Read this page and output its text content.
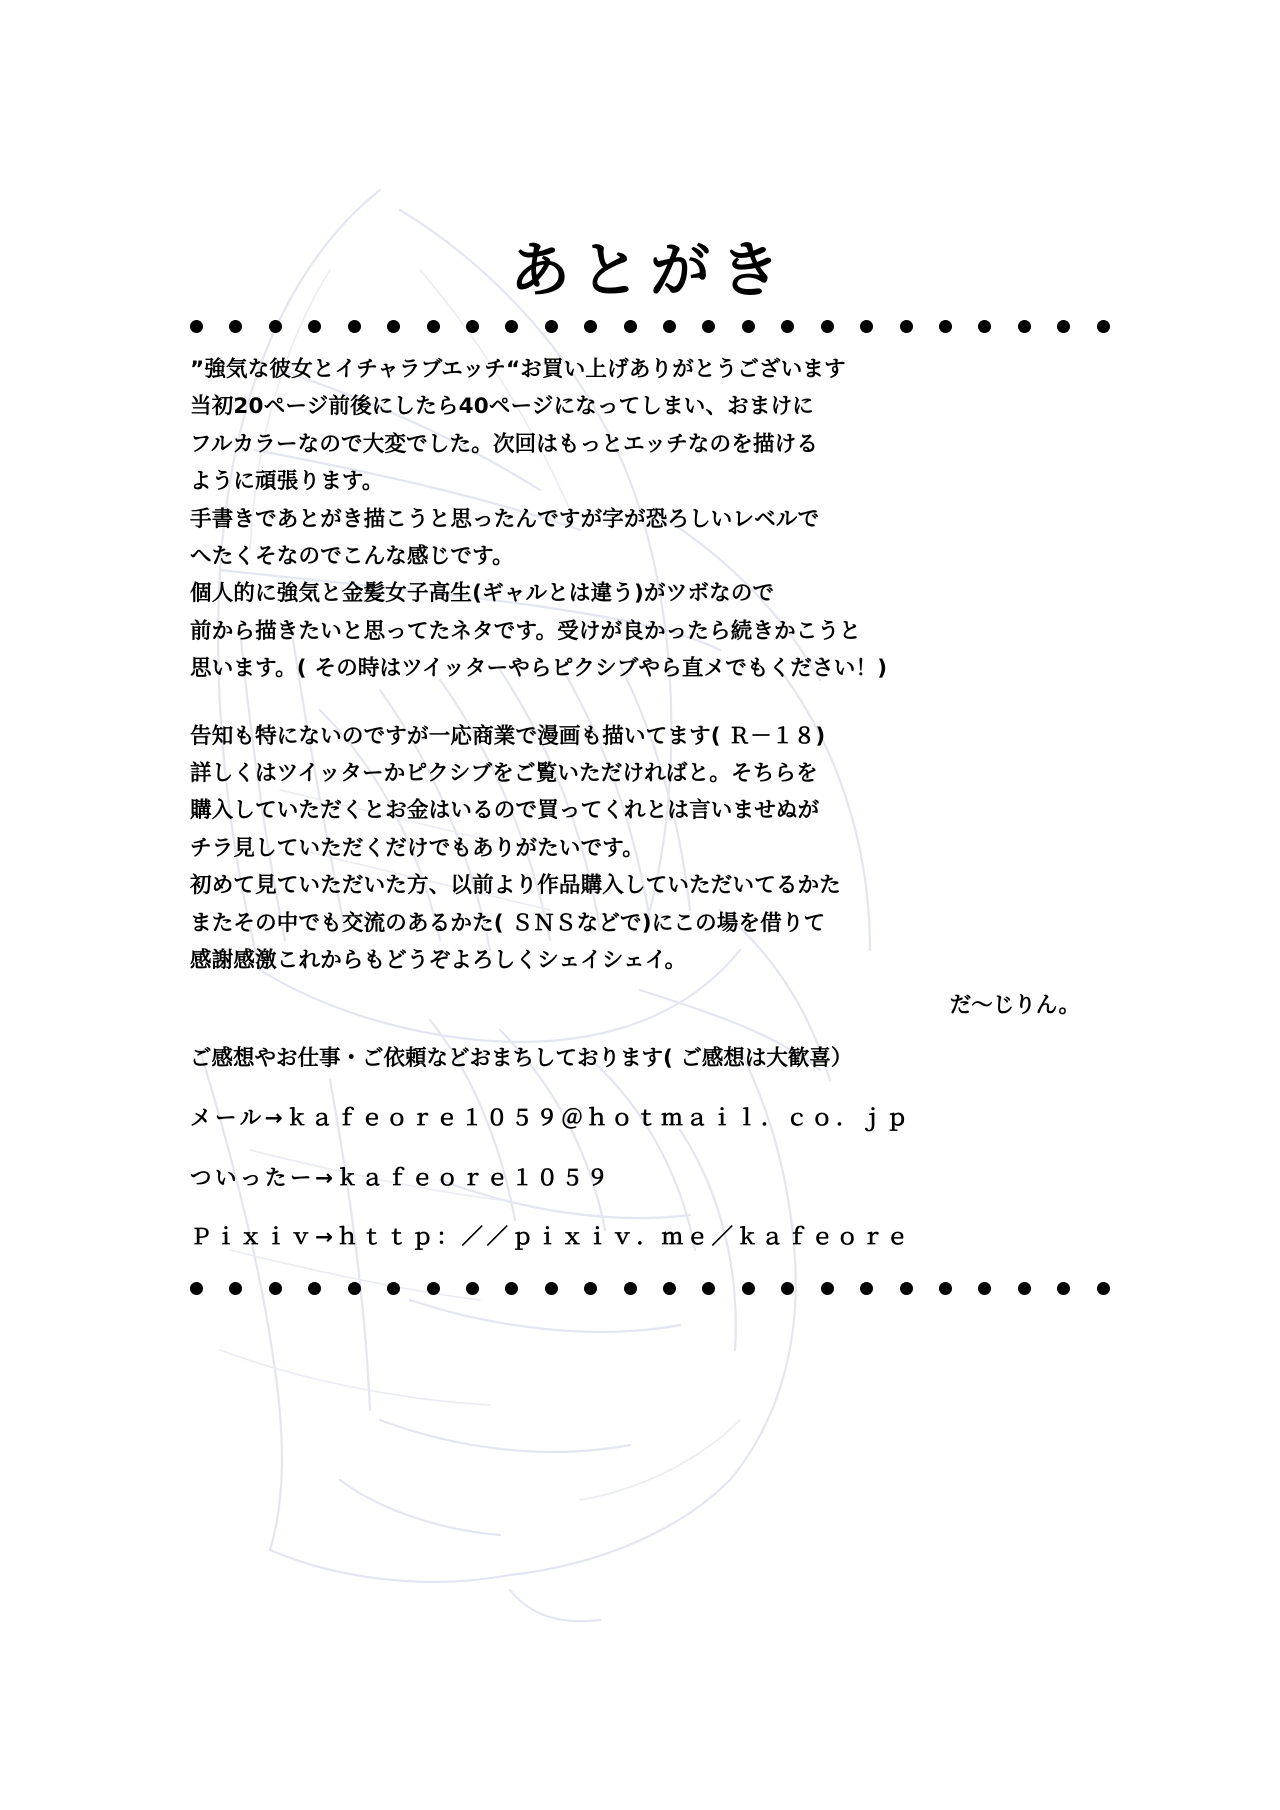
あとがき

”強気な彼女とイチャラブエッチ“お買い上げありがとうございます

当初20ページ前後にしたら40ページになってしまい、おまけに

フルカラーなので大変でした。次回はもっとエッチなのを描ける

ように頑張ります。

手書きであとがき描こうと思ったんですが字が恐ろしいレベルで

へたくそなのでこんな感じです。

個人的に強気と金髪女子高生(ギャルとは違う)がツボなので

前から描きたいと思ってたネタです。受けが良かったら続きかこうと

思います。( その時はツイッターやらピクシブやら直メでもください！)

告知も特にないのですが一応商業で漫画も描いてます( Ｒ－１８)

詳しくはツイッターかピクシブをご覧いただければと。そちらを

購入していただくとお金はいるので買ってくれとは言いませぬが

チラ見していただくだけでもありがたいです。

初めて見ていただいた方、以前より作品購入していただいてるかた

またその中でも交流のあるかた( ＳＮＳなどで)にこの場を借りて

感謝感激これからもどうぞよろしくシェイシェイ。

だ〜じりん。

ご感想やお仕事・ご依頼などおまちしております( ご感想は大歓喜）

メール→ｋａｆｅｏｒｅ１０５９＠ｈｏｔｍａｉｌ．ｃｏ．ｊｐ

ついったー→ｋａｆｅｏｒｅ１０５９

Ｐｉｘｉｖ→ｈｔｔｐ：／／ｐｉｘｉｖ．ｍｅ／ｋａｆｅｏｒｅ
